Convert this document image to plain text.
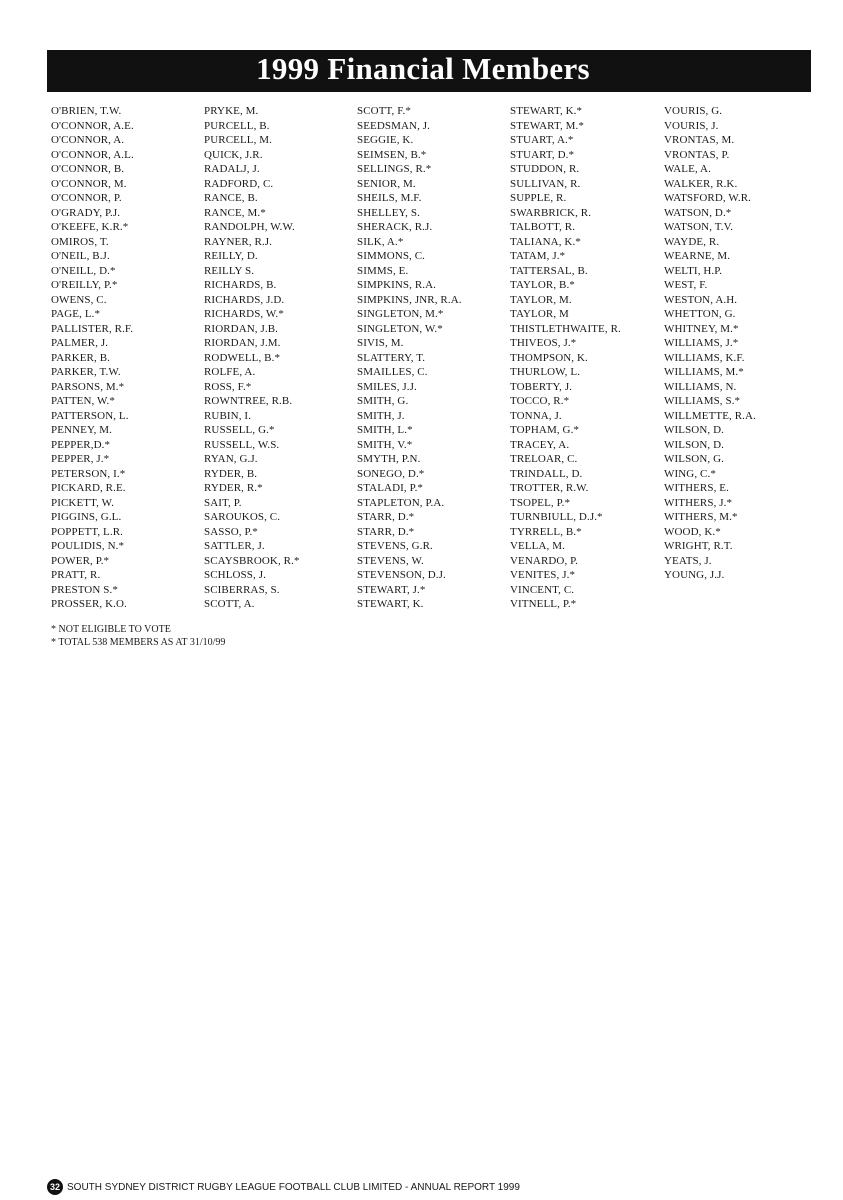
1999 Financial Members
O'BRIEN, T.W.
O'CONNOR, A.E.
O'CONNOR, A.
O'CONNOR, A.L.
O'CONNOR, B.
O'CONNOR, M.
O'CONNOR, P.
O'GRADY, P.J.
O'KEEFE, K.R.*
OMIROS, T.
O'NEIL, B.J.
O'NEILL, D.*
O'REILLY, P.*
OWENS, C.
PAGE, L.*
PALLISTER, R.F.
PALMER, J.
PARKER, B.
PARKER, T.W.
PARSONS, M.*
PATTEN, W.*
PATTERSON, L.
PENNEY, M.
PEPPER,D.*
PEPPER, J.*
PETERSON, I.*
PICKARD, R.E.
PICKETT, W.
PIGGINS, G.L.
POPPETT, L.R.
POULIDIS, N.*
POWER, P.*
PRATT, R.
PRESTON S.*
PROSSER, K.O.
PRYKE, M.
PURCELL, B.
PURCELL, M.
QUICK, J.R.
RADALJ, J.
RADFORD, C.
RANCE, B.
RANCE, M.*
RANDOLPH, W.W.
RAYNER, R.J.
REILLY, D.
REILLY S.
RICHARDS, B.
RICHARDS, J.D.
RICHARDS, W.*
RIORDAN, J.B.
RIORDAN, J.M.
RODWELL, B.*
ROLFE, A.
ROSS, F.*
ROWNTREE, R.B.
RUBIN, I.
RUSSELL, G.*
RUSSELL, W.S.
RYAN, G.J.
RYDER, B.
RYDER, R.*
SAIT, P.
SAROUKOS, C.
SASSO, P.*
SATTLER, J.
SCAYSBROOK, R.*
SCHLOSS, J.
SCIBERRAS, S.
SCOTT, A.
SCOTT, F.*
SEEDSMAN, J.
SEGGIE, K.
SEIMSEN, B.*
SELLINGS, R.*
SENIOR, M.
SHEILS, M.F.
SHELLEY, S.
SHERACK, R.J.
SILK, A.*
SIMMONS, C.
SIMMS, E.
SIMPKINS, R.A.
SIMPKINS, JNR, R.A.
SINGLETON, M.*
SINGLETON, W.*
SIVIS, M.
SLATTERY, T.
SMAILLES, C.
SMILES, J.J.
SMITH, G.
SMITH, J.
SMITH, L.*
SMITH, V.*
SMYTH, P.N.
SONEGO, D.*
STALADI, P.*
STAPLETON, P.A.
STARR, D.*
STARR, D.*
STEVENS, G.R.
STEVENS, W.
STEVENSON, D.J.
STEWART, J.*
STEWART, K.
STEWART, K.*
STEWART, M.*
STUART, A.*
STUART, D.*
STUDDON, R.
SULLIVAN, R.
SUPPLE, R.
SWARBRICK, R.
TALBOTT, R.
TALIANA, K.*
TATAM, J.*
TATTERSAL, B.
TAYLOR, B.*
TAYLOR, M.
TAYLOR, M
THISTLETHWAITE, R.
THIVEOS, J.*
THOMPSON, K.
THURLOW, L.
TOBERTY, J.
TOCCO, R.*
TONNA, J.
TOPHAM, G.*
TRACEY, A.
TRELOAR, C.
TRINDALL, D.
TROTTER, R.W.
TSOPEL, P.*
TURNBIULL, D.J.*
TYRRELL, B.*
VELLA, M.
VENARDO, P.
VENITES, J.*
VINCENT, C.
VITNELL, P.*
VOURIS, G.
VOURIS, J.
VRONTAS, M.
VRONTAS, P.
WALE, A.
WALKER, R.K.
WATSFORD, W.R.
WATSON, D.*
WATSON, T.V.
WAYDE, R.
WEARNE, M.
WELTI, H.P.
WEST, F.
WESTON, A.H.
WHETTON, G.
WHITNEY, M.*
WILLIAMS, J.*
WILLIAMS, K.F.
WILLIAMS, M.*
WILLIAMS, N.
WILLIAMS, S.*
WILLMETTE, R.A.
WILSON, D.
WILSON, D.
WILSON, G.
WING, C.*
WITHERS, E.
WITHERS, J.*
WITHERS, M.*
WOOD, K.*
WRIGHT, R.T.
YEATS, J.
YOUNG, J.J.
* NOT ELIGIBLE TO VOTE
* TOTAL 538 MEMBERS AS AT 31/10/99
32 SOUTH SYDNEY DISTRICT RUGBY LEAGUE FOOTBALL CLUB LIMITED - ANNUAL REPORT 1999
